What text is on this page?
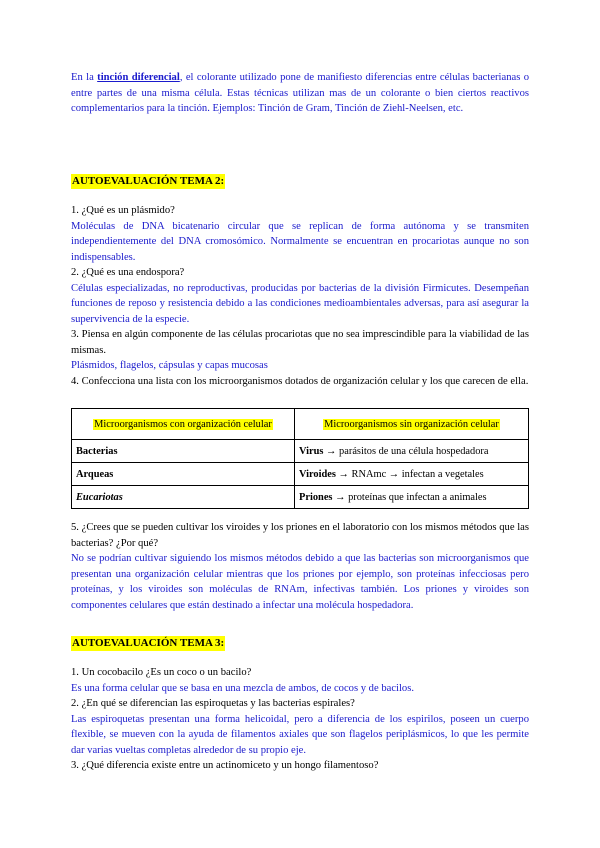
En la tinción diferencial, el colorante utilizado pone de manifiesto diferencias entre células bacterianas o entre partes de una misma célula. Estas técnicas utilizan mas de un colorante o bien ciertos reactivos complementarios para la tinción. Ejemplos: Tinción de Gram, Tinción de Ziehl-Neelsen, etc.
AUTOEVALUACIÓN TEMA 2:
1. ¿Qué es un plásmido?
Moléculas de DNA bicatenario circular que se replican de forma autónoma y se transmiten independientemente del DNA cromosómico. Normalmente se encuentran en procariotas aunque no son indispensables.
2. ¿Qué es una endospora?
Células especializadas, no reproductivas, producidas por bacterias de la división Firmicutes. Desempeñan funciones de reposo y resistencia debido a las condiciones medioambientales adversas, para así asegurar la supervivencia de la especie.
3. Piensa en algún componente de las células procariotas que no sea imprescindible para la viabilidad de las mismas.
Plásmidos, flagelos, cápsulas y capas mucosas
4. Confecciona una lista con los microorganismos dotados de organización celular y los que carecen de ella.
Microorganismos con organización celular	Microorganismos sin organización celular
Bacterias	Virus → parásitos de una célula hospedadora
Arqueas	Viroides → RNAmc → infectan a vegetales
Eucariotas	Priones → proteínas que infectan a animales
5. ¿Crees que se pueden cultivar los viroides y los priones en el laboratorio con los mismos métodos que las bacterias? ¿Por qué?
No se podrían cultivar siguiendo los mismos métodos debido a que las bacterias son microorganismos que presentan una organización celular mientras que los priones por ejemplo, son proteínas infecciosas pero proteínas, y los viroides son moléculas de RNAm, infectivas también. Los priones y viroides son componentes celulares que están destinado a infectar una molécula hospedadora.
AUTOEVALUACIÓN TEMA 3:
1. Un cocobacilo ¿Es un coco o un bacilo?
Es una forma celular que se basa en una mezcla de ambos, de cocos y de bacilos.
2. ¿En qué se diferencian las espiroquetas y las bacterias espirales?
Las espiroquetas presentan una forma helicoidal, pero a diferencia de los espirilos, poseen un cuerpo flexible, se mueven con la ayuda de filamentos axiales que son flagelos periplásmicos, lo que les permite dar varias vueltas completas alrededor de su propio eje.
3. ¿Qué diferencia existe entre un actinomiceto y un hongo filamentoso?
